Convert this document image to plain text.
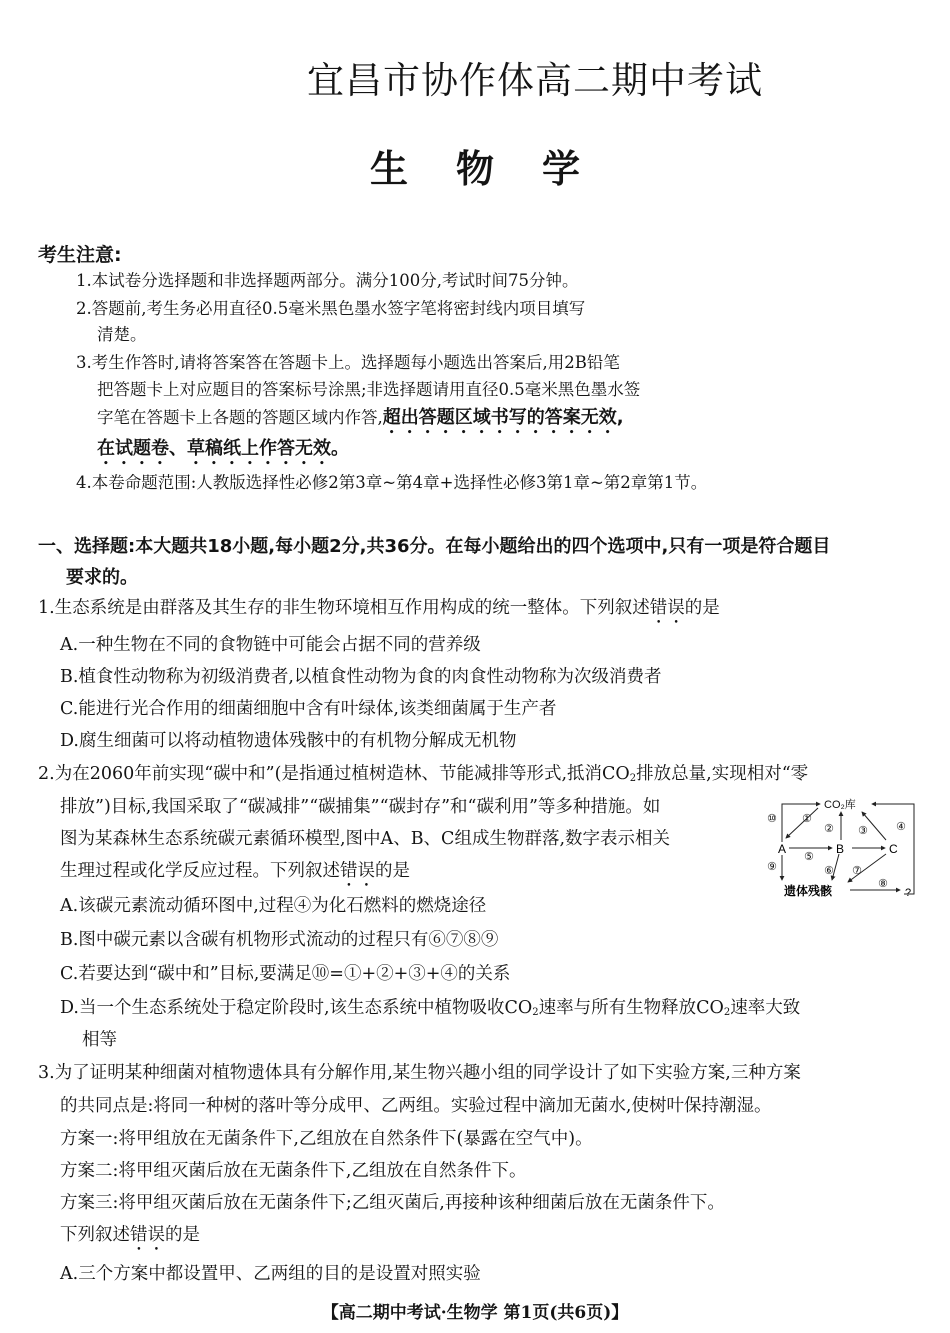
宜昌市协作体高二期中考试
生物学
考生注意:
1.本试卷分选择题和非选择题两部分。满分100分,考试时间75分钟。
2.答题前,考生务必用直径0.5毫米黑色墨水签字笔将密封线内项目填写
清楚。
3.考生作答时,请将答案答在答题卡上。选择题每小题选出答案后,用2B铅笔
把答题卡上对应题目的答案标号涂黑;非选择题请用直径0.5毫米黑色墨水签
字笔在答题卡上各题的答题区域内作答,超出答题区域书写的答案无效,
在试题卷、草稿纸上作答无效。
4.本卷命题范围:人教版选择性必修2第3章~第4章+选择性必修3第1章~第2章第1节。
一、选择题:本大题共18小题,每小题2分,共36分。在每小题给出的四个选项中,只有一项是符合题目
要求的。
1.生态系统是由群落及其生存的非生物环境相互作用构成的统一整体。下列叙述错误的是
A.一种生物在不同的食物链中可能会占据不同的营养级
B.植食性动物称为初级消费者,以植食性动物为食的肉食性动物称为次级消费者
C.能进行光合作用的细菌细胞中含有叶绿体,该类细菌属于生产者
D.腐生细菌可以将动植物遗体残骸中的有机物分解成无机物
2.为在2060年前实现“碳中和”(是指通过植树造林、节能减排等形式,抵消$CO_2$排放总量,实现相对“零
排放”)目标,我国采取了“碳减排”“碳捕集”“碳封存”和“碳利用”等多种措施。如
图为某森林生态系统碳元素循环模型,图中A、B、C组成生物群落,数字表示相关
生理过程或化学反应过程。下列叙述错误的是
CO₂库
A	B	C
遗体残骸	?
⑩ ①
② ③	④
⑤
⑥ ⑦
⑧
⑨
A.该碳元素流动循环图中,过程④为化石燃料的燃烧途径
B.图中碳元素以含碳有机物形式流动的过程只有⑥⑦⑧⑨
C.若要达到“碳中和”目标,要满足⑩=①+②+③+④的关系
D.当一个生态系统处于稳定阶段时,该生态系统中植物吸收$CO_2$速率与所有生物释放$CO_2$速率大致
相等
3.为了证明某种细菌对植物遗体具有分解作用,某生物兴趣小组的同学设计了如下实验方案,三种方案
的共同点是:将同一种树的落叶等分成甲、乙两组。实验过程中滴加无菌水,使树叶保持潮湿。
方案一:将甲组放在无菌条件下,乙组放在自然条件下(暴露在空气中)。
方案二:将甲组灭菌后放在无菌条件下,乙组放在自然条件下。
方案三:将甲组灭菌后放在无菌条件下;乙组灭菌后,再接种该种细菌后放在无菌条件下。
下列叙述错误的是
A.三个方案中都设置甲、乙两组的目的是设置对照实验
【高二期中考试·生物学 第1页(共6页)】
